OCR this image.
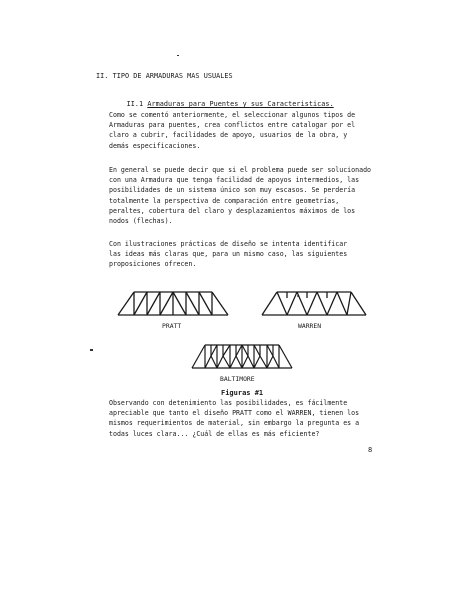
II. TIPO DE ARMADURAS MAS USUALES

II.1 Armaduras para Puentes y sus Caracteristicas.

Como se comentó anteriormente, el seleccionar algunos tipos de
Armaduras para puentes, crea conflictos entre catalogar por el
claro a cubrir, facilidades de apoyo, usuarios de la obra, y
demás especificaciones.
En general se puede decir que si el problema puede ser solucionado
con una Armadura que tenga facilidad de apoyos intermedios, las
posibilidades de un sistema único son muy escasos. Se perdería
totalmente la perspectiva de comparación entre geometrías,
peraltes, cobertura del claro y desplazamientos máximos de los
nodos (flechas).
Con ilustraciones prácticas de diseño se intenta identificar
las ideas más claras que, para un mismo caso, las siguientes
proposiciones ofrecen.
PRATT	WARREN
BALTIMORE
Figuras #1
Observando con detenimiento las posibilidades, es fácilmente
apreciable que tanto el diseño PRATT como el WARREN, tienen los
mismos requerimientos de material, sin embargo la pregunta es a
todas luces clara... ¿Cuál de ellas es más eficiente?
8
